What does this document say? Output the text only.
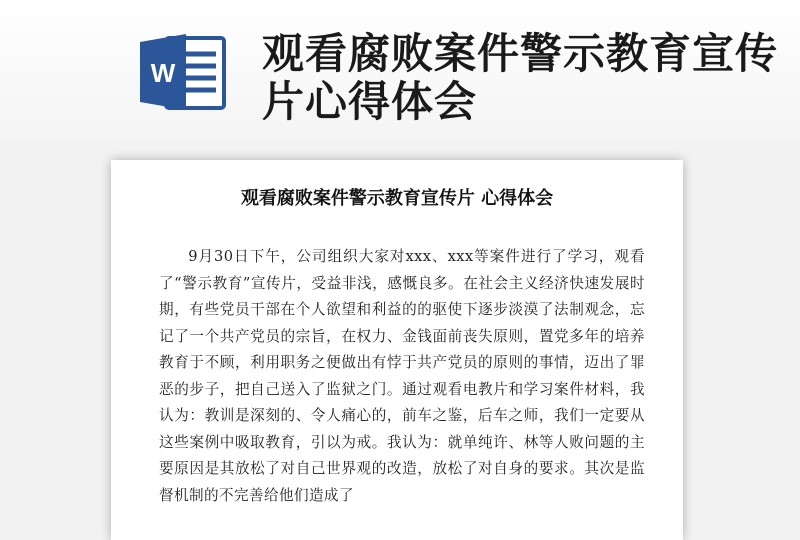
W 观看腐败案件警示教育宣传片心得体会
观看腐败案件警示教育宣传片 心得体会
9月30日下午，公司组织大家对xxx、xxx等案件进行了学习，观看了“警示教育”宣传片，受益非浅，感慨良多。在社会主义经济快速发展时期，有些党员干部在个人欲望和利益的的驱使下逐步淡漠了法制观念，忘记了一个共产党员的宗旨，在权力、金钱面前丧失原则，置党多年的培养教育于不顾，利用职务之便做出有悖于共产党员的原则的事情，迈出了罪恶的步子，把自己送入了监狱之门。通过观看电教片和学习案件材料，我认为：教训是深刻的、令人痛心的，前车之鉴，后车之师，我们一定要从这些案例中吸取教育，引以为戒。我认为：就单纯许、林等人败问题的主要原因是其放松了对自己世界观的改造，放松了对自身的要求。其次是监督机制的不完善给他们造成了
